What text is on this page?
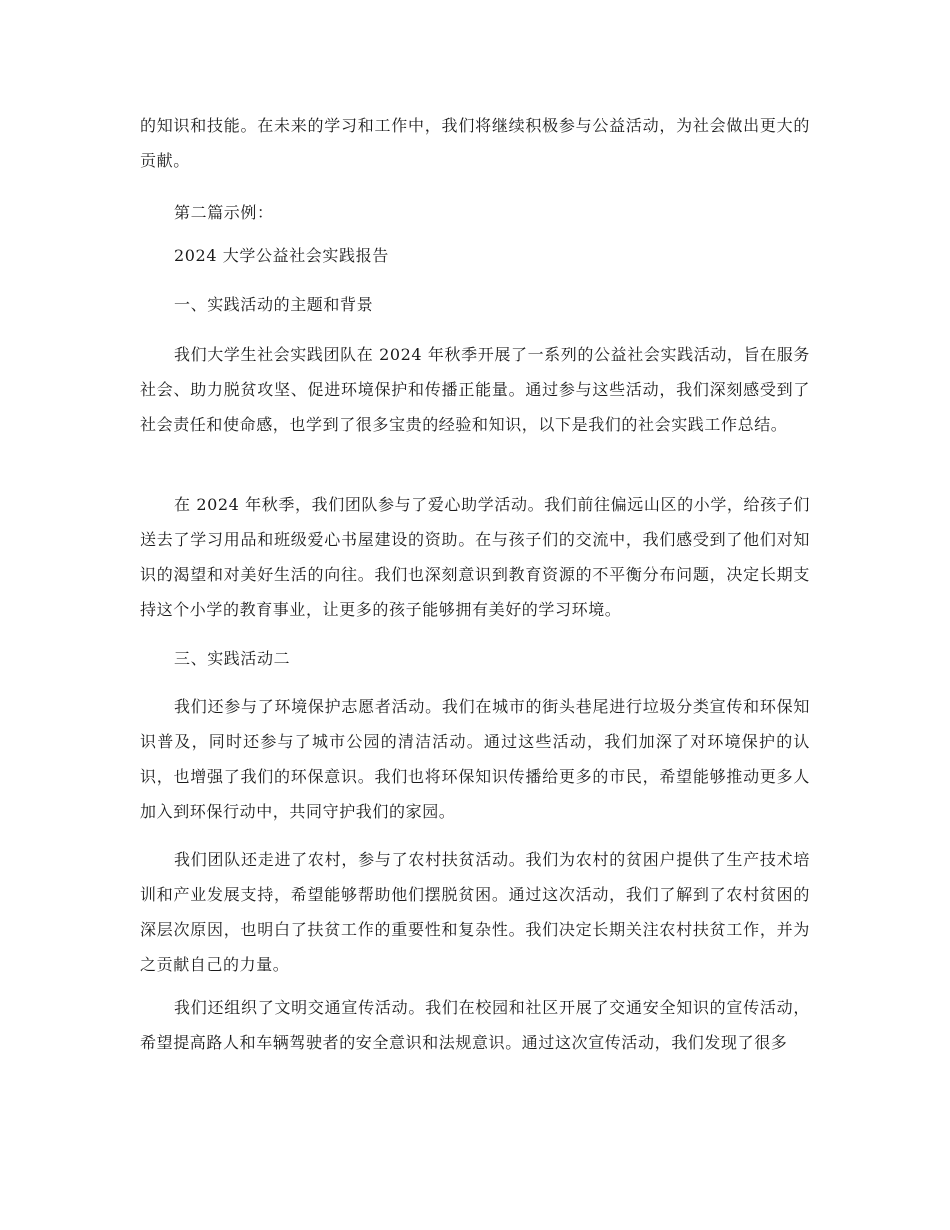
的知识和技能。在未来的学习和工作中，我们将继续积极参与公益活动，为社会做出更大的贡献。
第二篇示例：
2024 大学公益社会实践报告
一、实践活动的主题和背景
我们大学生社会实践团队在 2024 年秋季开展了一系列的公益社会实践活动，旨在服务社会、助力脱贫攻坚、促进环境保护和传播正能量。通过参与这些活动，我们深刻感受到了社会责任和使命感，也学到了很多宝贵的经验和知识，以下是我们的社会实践工作总结。
在 2024 年秋季，我们团队参与了爱心助学活动。我们前往偏远山区的小学，给孩子们送去了学习用品和班级爱心书屋建设的资助。在与孩子们的交流中，我们感受到了他们对知识的渴望和对美好生活的向往。我们也深刻意识到教育资源的不平衡分布问题，决定长期支持这个小学的教育事业，让更多的孩子能够拥有美好的学习环境。
三、实践活动二
我们还参与了环境保护志愿者活动。我们在城市的街头巷尾进行垃圾分类宣传和环保知识普及，同时还参与了城市公园的清洁活动。通过这些活动，我们加深了对环境保护的认识，也增强了我们的环保意识。我们也将环保知识传播给更多的市民，希望能够推动更多人加入到环保行动中，共同守护我们的家园。
我们团队还走进了农村，参与了农村扶贫活动。我们为农村的贫困户提供了生产技术培训和产业发展支持，希望能够帮助他们摆脱贫困。通过这次活动，我们了解到了农村贫困的深层次原因，也明白了扶贫工作的重要性和复杂性。我们决定长期关注农村扶贫工作，并为之贡献自己的力量。
我们还组织了文明交通宣传活动。我们在校园和社区开展了交通安全知识的宣传活动，希望提高路人和车辆驾驶者的安全意识和法规意识。通过这次宣传活动，我们发现了很多
